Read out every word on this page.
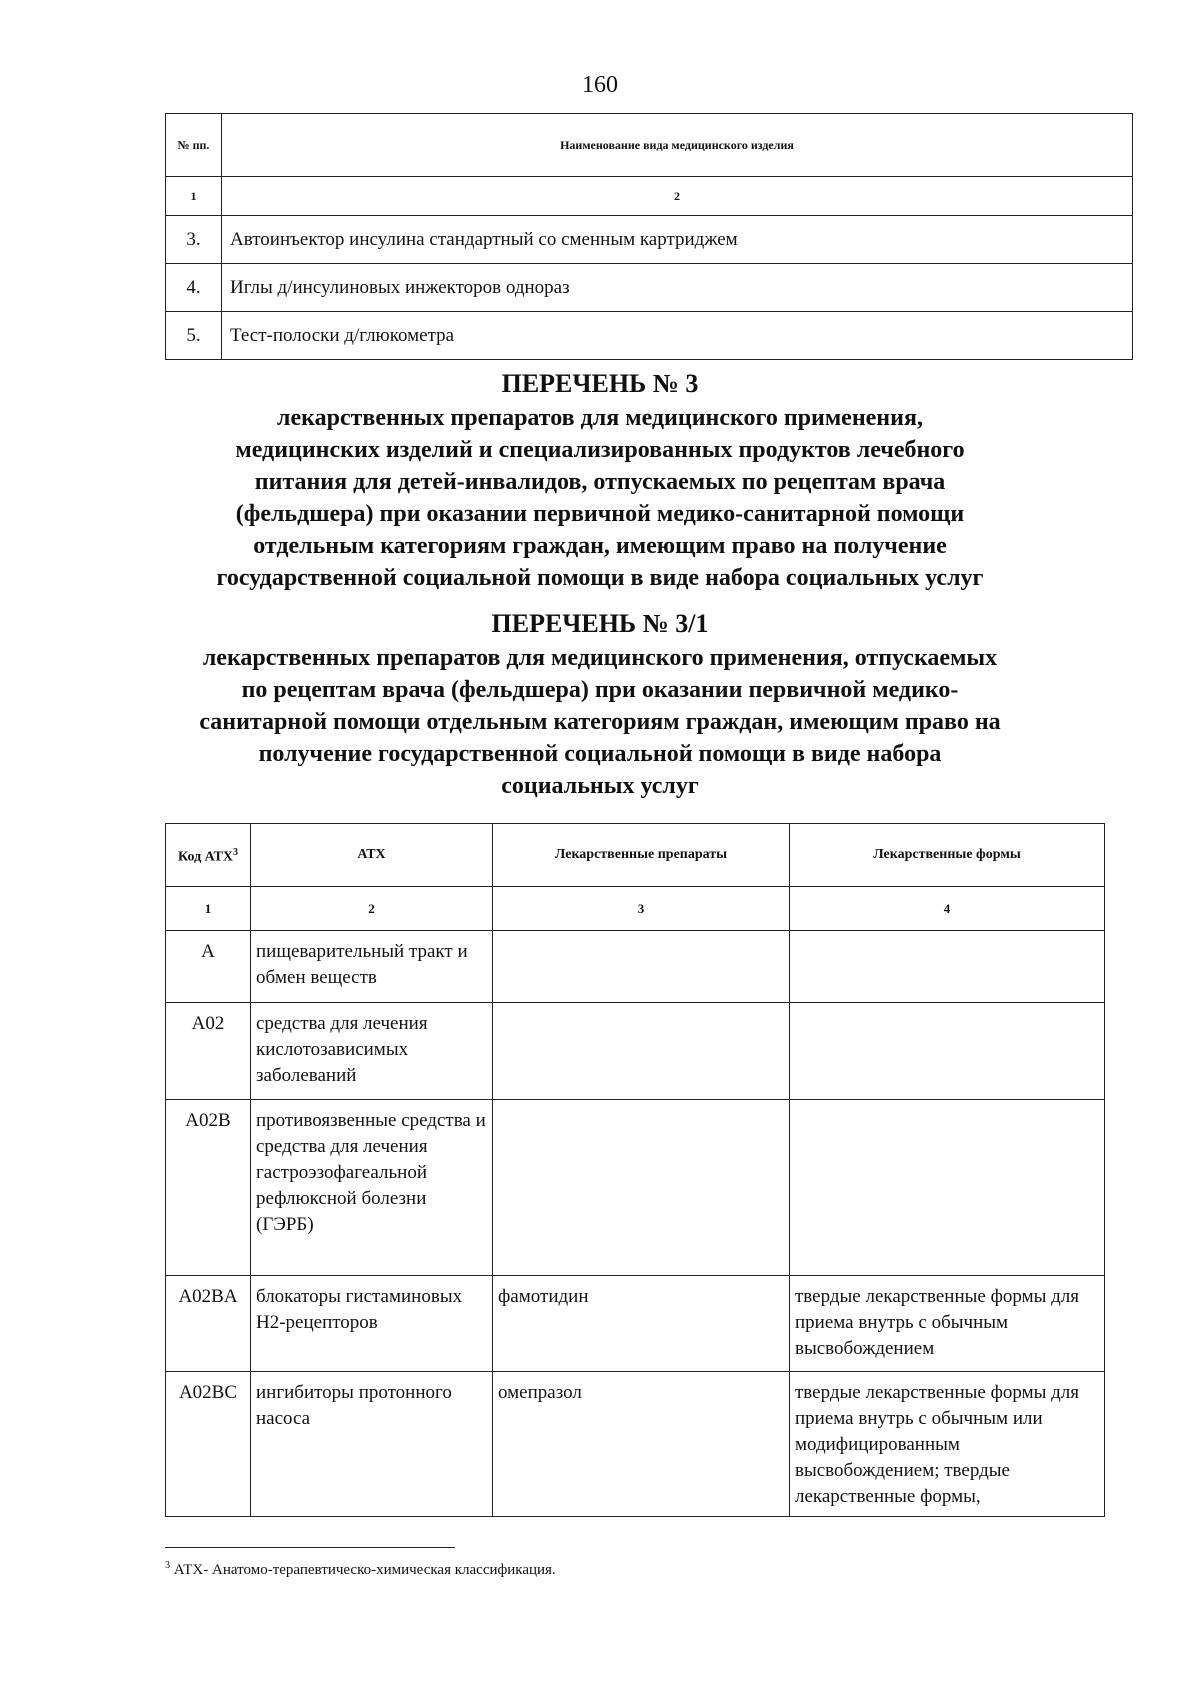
160
№ пп.	Наименование вида медицинского изделия
1	2
3.	Автоинъектор инсулина стандартный со сменным картриджем
4.	Иглы д/инсулиновых инжекторов однораз
5.	Тест-полоски д/глюкометра
ПЕРЕЧЕНЬ № 3
лекарственных препаратов для медицинского применения,
медицинских изделий и специализированных продуктов лечебного
питания для детей-инвалидов, отпускаемых по рецептам врача
(фельдшера) при оказании первичной медико-санитарной помощи
отдельным категориям граждан, имеющим право на получение
государственной социальной помощи в виде набора социальных услуг
ПЕРЕЧЕНЬ № 3/1
лекарственных препаратов для медицинского применения, отпускаемых
по рецептам врача (фельдшера) при оказании первичной медико-
санитарной помощи отдельным категориям граждан, имеющим право на
получение государственной социальной помощи в виде набора
социальных услуг
Код АТХ$^3$	АТХ	Лекарственные препараты	Лекарственные формы
1	2	3	4
A	пищеварительный тракт и обмен веществ		
A02	средства для лечения кислотозависимых заболеваний		
A02B	противоязвенные средства и средства для лечения гастроэзофагеальной рефлюксной болезни (ГЭРБ)		
A02BA	блокаторы гистаминовых Н2-рецепторов	фамотидин	твердые лекарственные формы для приема внутрь с обычным высвобождением
A02BC	ингибиторы протонного насоса	омепразол	твердые лекарственные формы для приема внутрь с обычным или модифицированным высвобождением; твердые лекарственные формы,
$^3$ АТХ- Анатомо-терапевтическо-химическая классификация.
